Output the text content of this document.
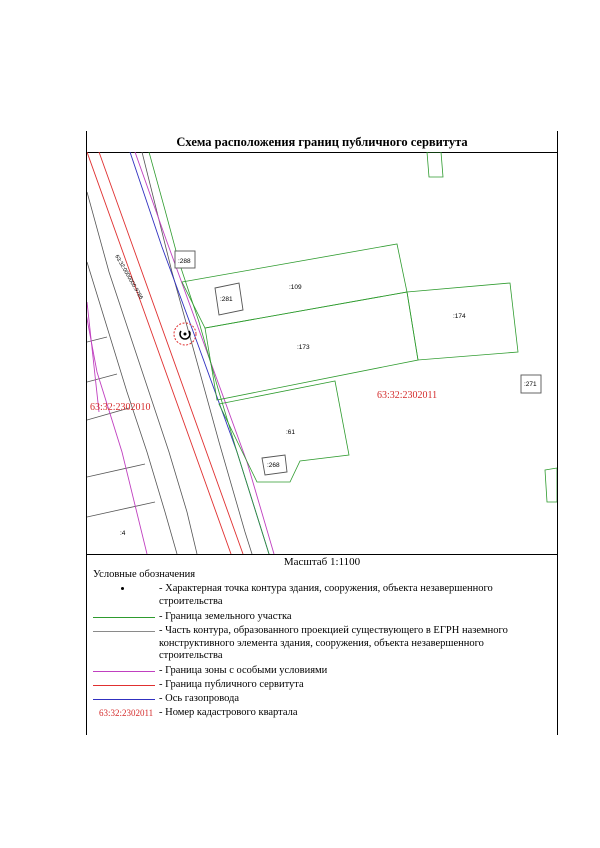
Схема расположения границ публичного сервитута
:288
:281
:109
:174
:173
:271
:61
:268
:4
63:32:2302010
63:32:2302011
63:32:0000000:9786
Масштаб 1:1100
Условные обозначения
- Характерная точка контура здания, сооружения, объекта незавершенного строительства
- Граница земельного участка
- Часть контура, образованного проекцией существующего в ЕГРН наземного конструктивного элемента здания, сооружения, объекта незавершенного строительства
- Граница зоны с особыми условиями
- Граница публичного сервитута
- Ось газопровода
63:32:2302011 - Номер кадастрового квартала
